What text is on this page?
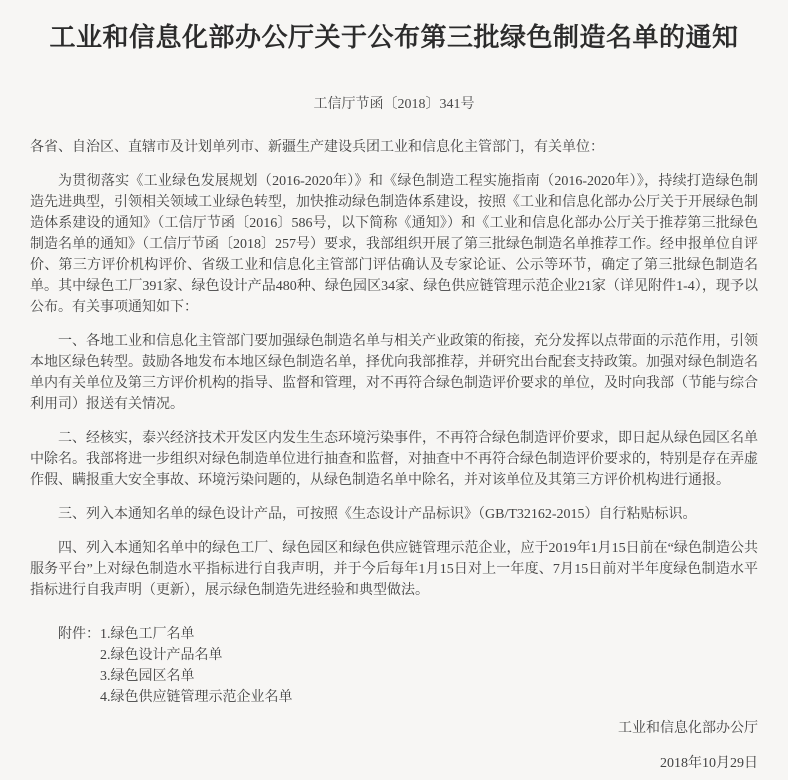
工业和信息化部办公厅关于公布第三批绿色制造名单的通知
工信厅节函〔2018〕341号
各省、自治区、直辖市及计划单列市、新疆生产建设兵团工业和信息化主管部门，有关单位：

为贯彻落实《工业绿色发展规划（2016-2020年）》和《绿色制造工程实施指南（2016-2020年）》，持续打造绿色制造先进典型，引领相关领域工业绿色转型，加快推动绿色制造体系建设，按照《工业和信息化部办公厅关于开展绿色制造体系建设的通知》（工信厅节函〔2016〕586号，以下简称《通知》）和《工业和信息化部办公厅关于推荐第三批绿色制造名单的通知》（工信厅节函〔2018〕257号）要求，我部组织开展了第三批绿色制造名单推荐工作。经申报单位自评价、第三方评价机构评价、省级工业和信息化主管部门评估确认及专家论证、公示等环节，确定了第三批绿色制造名单。其中绿色工厂391家、绿色设计产品480种、绿色园区34家、绿色供应链管理示范企业21家（详见附件1-4），现予以公布。有关事项通知如下：

一、各地工业和信息化主管部门要加强绿色制造名单与相关产业政策的衔接，充分发挥以点带面的示范作用，引领本地区绿色转型。鼓励各地发布本地区绿色制造名单，择优向我部推荐，并研究出台配套支持政策。加强对绿色制造名单内有关单位及第三方评价机构的指导、监督和管理，对不再符合绿色制造评价要求的单位，及时向我部（节能与综合利用司）报送有关情况。

二、经核实，泰兴经济技术开发区内发生生态环境污染事件，不再符合绿色制造评价要求，即日起从绿色园区名单中除名。我部将进一步组织对绿色制造单位进行抽查和监督，对抽查中不再符合绿色制造评价要求的，特别是存在弄虚作假、瞒报重大安全事故、环境污染问题的，从绿色制造名单中除名，并对该单位及其第三方评价机构进行通报。

三、列入本通知名单的绿色设计产品，可按照《生态设计产品标识》（GB/T32162-2015）自行粘贴标识。

四、列入本通知名单中的绿色工厂、绿色园区和绿色供应链管理示范企业，应于2019年1月15日前在“绿色制造公共服务平台”上对绿色制造水平指标进行自我声明，并于今后每年1月15日对上一年度、7月15日前对半年度绿色制造水平指标进行自我声明（更新），展示绿色制造先进经验和典型做法。

附件： 1.绿色工厂名单
2.绿色设计产品名单
3.绿色园区名单
4.绿色供应链管理示范企业名单
工业和信息化部办公厅
2018年10月29日
